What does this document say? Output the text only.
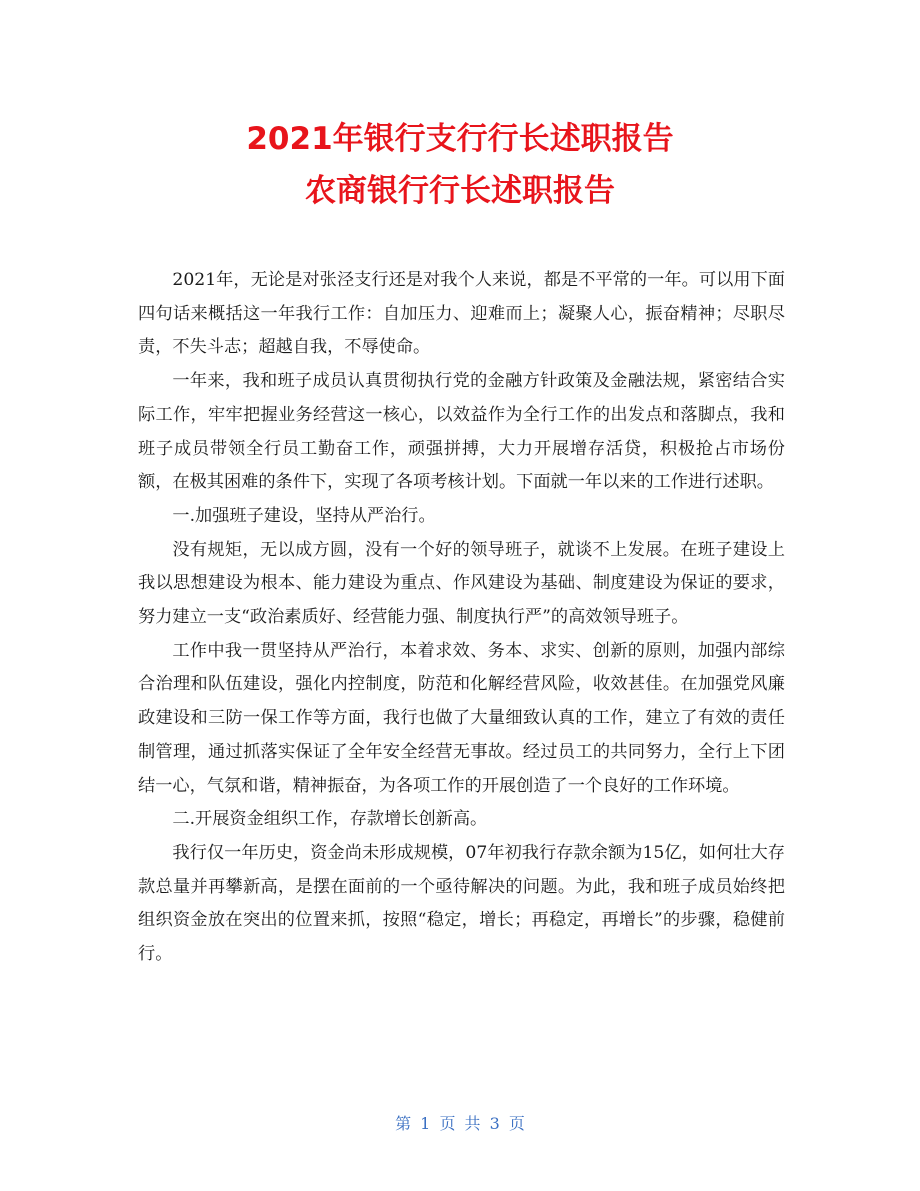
2021年银行支行行长述职报告
农商银行行长述职报告

2021年，无论是对张泾支行还是对我个人来说，都是不平常的一年。可以用下面四句话来概括这一年我行工作：自加压力、迎难而上；凝聚人心，振奋精神；尽职尽责，不失斗志；超越自我，不辱使命。

一年来，我和班子成员认真贯彻执行党的金融方针政策及金融法规，紧密结合实际工作，牢牢把握业务经营这一核心，以效益作为全行工作的出发点和落脚点，我和班子成员带领全行员工勤奋工作，顽强拼搏，大力开展增存活贷，积极抢占市场份额，在极其困难的条件下，实现了各项考核计划。下面就一年以来的工作进行述职。

一.加强班子建设，坚持从严治行。

没有规矩，无以成方圆，没有一个好的领导班子，就谈不上发展。在班子建设上我以思想建设为根本、能力建设为重点、作风建设为基础、制度建设为保证的要求，努力建立一支“政治素质好、经营能力强、制度执行严”的高效领导班子。

工作中我一贯坚持从严治行，本着求效、务本、求实、创新的原则，加强内部综合治理和队伍建设，强化内控制度，防范和化解经营风险，收效甚佳。在加强党风廉政建设和三防一保工作等方面，我行也做了大量细致认真的工作，建立了有效的责任制管理，通过抓落实保证了全年安全经营无事故。经过员工的共同努力，全行上下团结一心，气氛和谐，精神振奋，为各项工作的开展创造了一个良好的工作环境。

二.开展资金组织工作，存款增长创新高。

我行仅一年历史，资金尚未形成规模，07年初我行存款余额为15亿，如何壮大存款总量并再攀新高，是摆在面前的一个亟待解决的问题。为此，我和班子成员始终把组织资金放在突出的位置来抓，按照“稳定，增长；再稳定，再增长”的步骤，稳健前行。

第 1 页 共 3 页
